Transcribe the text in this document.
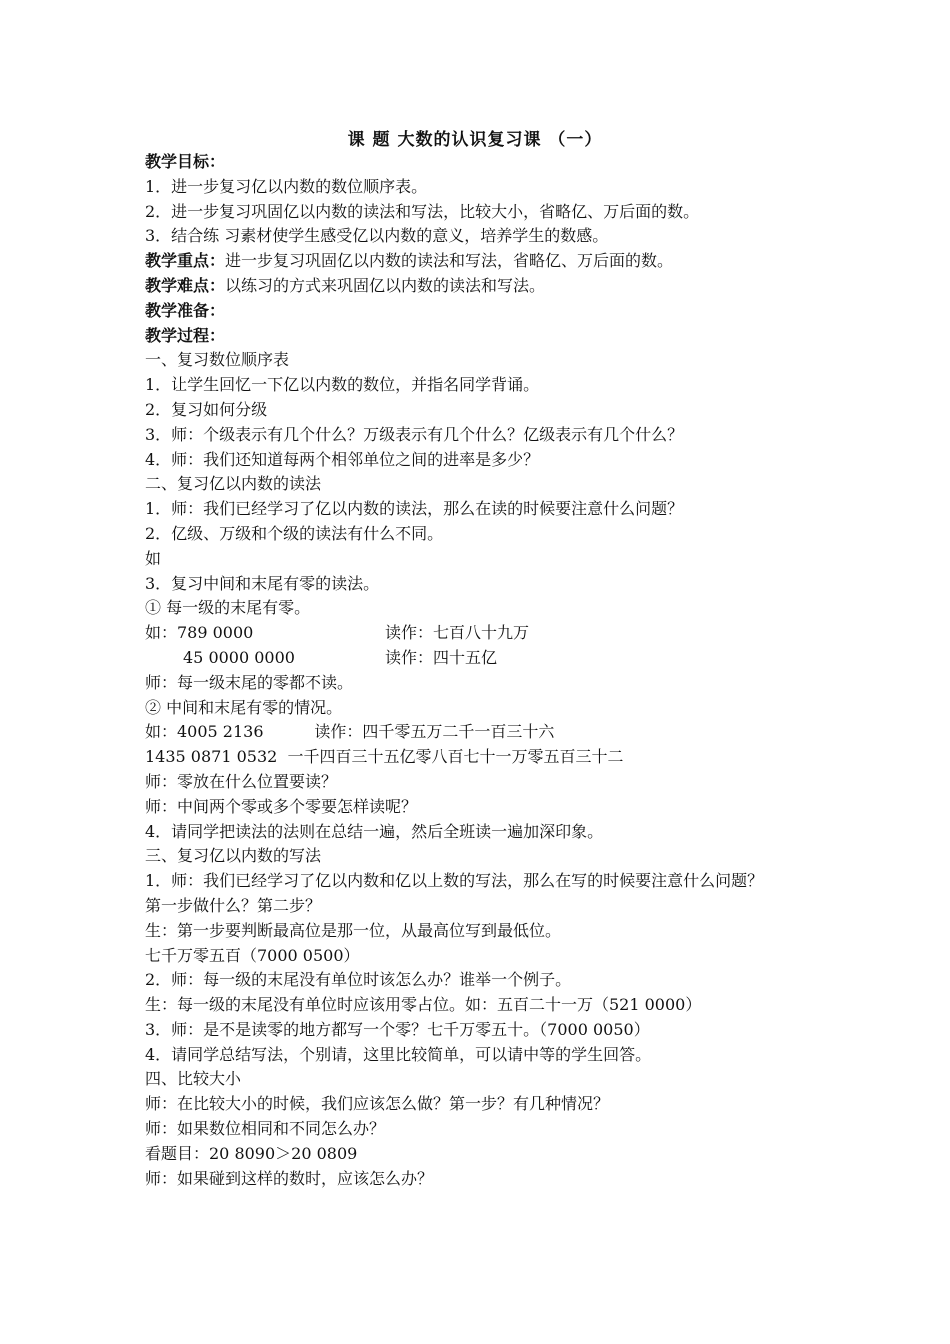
课 题 大数的认识复习课 （一）
教学目标：
1．进一步复习亿以内数的数位顺序表。
2．进一步复习巩固亿以内数的读法和写法，比较大小，省略亿、万后面的数。
3．结合练 习素材使学生感受亿以内数的意义，培养学生的数感。
教学重点：进一步复习巩固亿以内数的读法和写法，省略亿、万后面的数。
教学难点：以练习的方式来巩固亿以内数的读法和写法。
教学准备：
教学过程：
一、复习数位顺序表
1．让学生回忆一下亿以内数的数位，并指名同学背诵。
2．复习如何分级
3．师：个级表示有几个什么？万级表示有几个什么？亿级表示有几个什么？
4．师：我们还知道每两个相邻单位之间的进率是多少？
二、复习亿以内数的读法
1．师：我们已经学习了亿以内数的读法，那么在读的时候要注意什么问题？
2．亿级、万级和个级的读法有什么不同。
如
3．复习中间和末尾有零的读法。
① 每一级的末尾有零。
如：789 0000	读作：七百八十九万
45 0000 0000	读作：四十五亿
师：每一级末尾的零都不读。
② 中间和末尾有零的情况。
如：4005 2136          读作：四千零五万二千一百三十六
1435 0871 0532  一千四百三十五亿零八百七十一万零五百三十二
师：零放在什么位置要读？
师：中间两个零或多个零要怎样读呢？
4．请同学把读法的法则在总结一遍，然后全班读一遍加深印象。
三、复习亿以内数的写法
1．师：我们已经学习了亿以内数和亿以上数的写法，那么在写的时候要注意什么问题？
第一步做什么？第二步？
生：第一步要判断最高位是那一位，从最高位写到最低位。
七千万零五百（7000 0500）
2．师：每一级的末尾没有单位时该怎么办？谁举一个例子。
生：每一级的末尾没有单位时应该用零占位。如：五百二十一万（521 0000）
3．师：是不是读零的地方都写一个零？七千万零五十。（7000 0050）
4．请同学总结写法，个别请，这里比较简单，可以请中等的学生回答。
四、比较大小
师：在比较大小的时候，我们应该怎么做？第一步？有几种情况？
师：如果数位相同和不同怎么办？
看题目：20 8090＞20 0809
师：如果碰到这样的数时，应该怎么办？
